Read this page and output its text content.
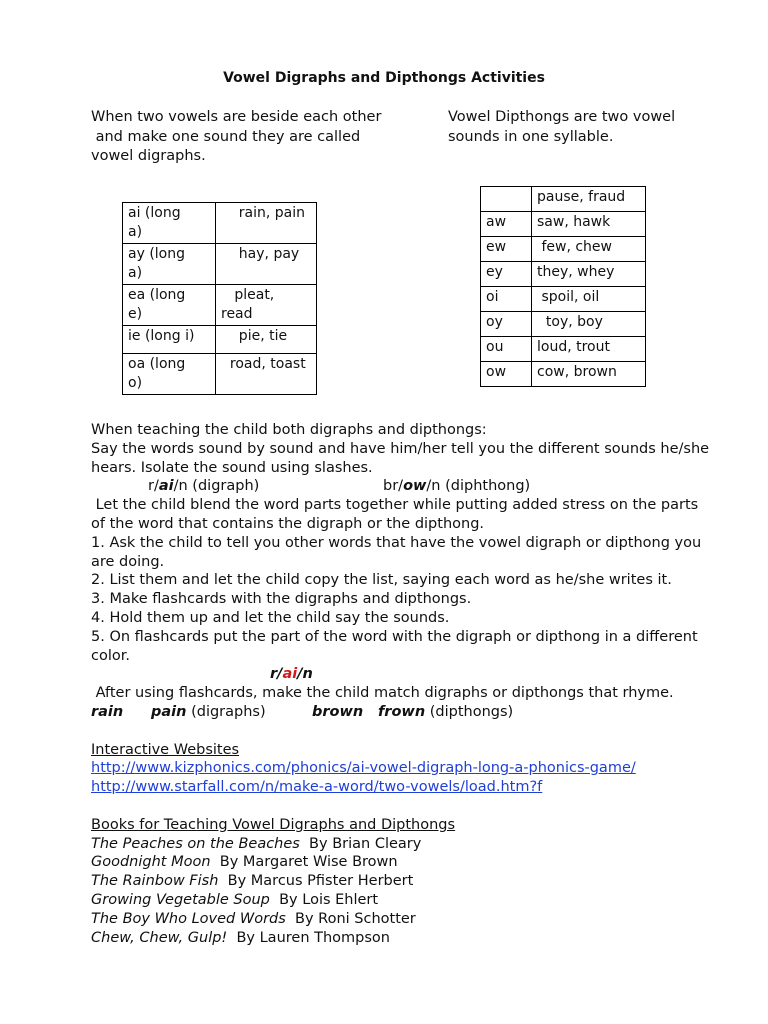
Vowel Digraphs and Dipthongs Activities
When two vowels are beside each other
and make one sound they are called
vowel digraphs.
Vowel Dipthongs are two vowel
sounds in one syllable.
ai (long
a)	rain, pain
ay (long
a)	hay, pay
ea (long
e)	pleat,
read
ie (long i)	pie, tie
oa (long
o)	road, toast
	pause, fraud
aw	saw, hawk
ew	few, chew
ey	they, whey
oi	spoil, oil
oy	toy, boy
ou	loud, trout
ow	cow, brown
When teaching the child both digraphs and dipthongs:
Say the words sound by sound and have him/her tell you the different sounds he/she
hears. Isolate the sound using slashes.
r/ai/n (digraph)	br/ow/n (diphthong)
Let the child blend the word parts together while putting added stress on the parts
of the word that contains the digraph or the dipthong.
1. Ask the child to tell you other words that have the vowel digraph or dipthong you
are doing.
2. List them and let the child copy the list, saying each word as he/she writes it.
3. Make flashcards with the digraphs and dipthongs.
4. Hold them up and let the child say the sounds.
5. On flashcards put the part of the word with the digraph or dipthong in a different
color.
r/ai/n
After using flashcards, make the child match digraphs or dipthongs that rhyme.
rain pain (digraphs)	brown frown (dipthongs)
Interactive Websites
http://www.kizphonics.com/phonics/ai-vowel-digraph-long-a-phonics-game/
http://www.starfall.com/n/make-a-word/two-vowels/load.htm?f
Books for Teaching Vowel Digraphs and Dipthongs
The Peaches on the Beaches  By Brian Cleary
Goodnight Moon  By Margaret Wise Brown
The Rainbow Fish  By Marcus Pfister Herbert
Growing Vegetable Soup  By Lois Ehlert
The Boy Who Loved Words  By Roni Schotter
Chew, Chew, Gulp!  By Lauren Thompson
